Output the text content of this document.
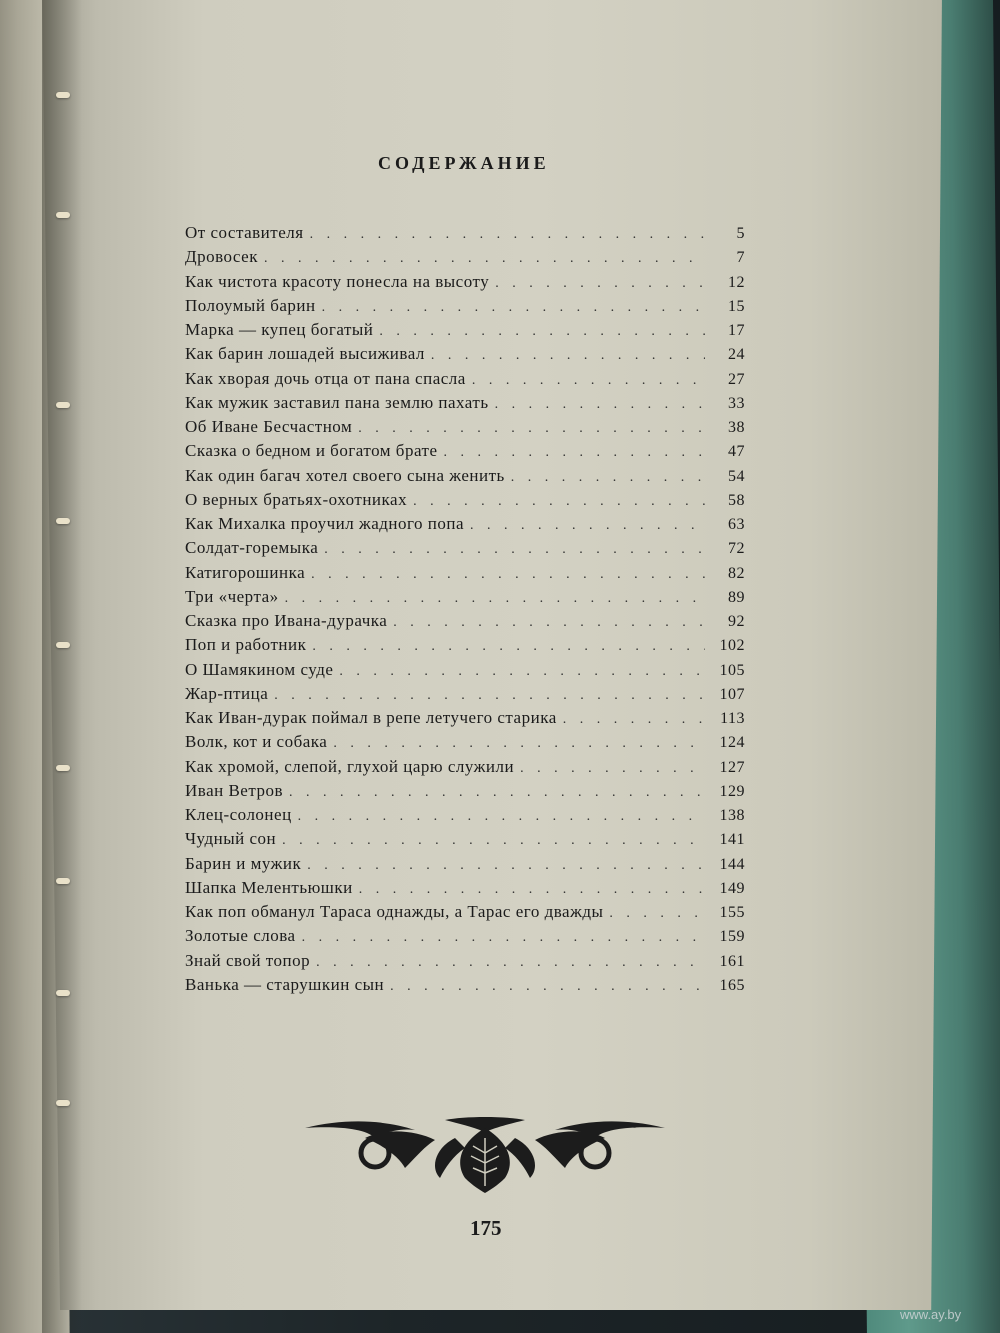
СОДЕРЖАНИЕ
От составителя . . .	5
Дровосек . . .	7
Как чистота красоту понесла на высоту . . .	12
Полоумый барин . . .	15
Марка — купец богатый . . .	17
Как барин лошадей высиживал . . .	24
Как хворая дочь отца от пана спасла . . .	27
Как мужик заставил пана землю пахать . . .	33
Об Иване Бесчастном . . .	38
Сказка о бедном и богатом брате . . .	47
Как один багач хотел своего сына женить . . .	54
О верных братьях-охотниках . . .	58
Как Михалка проучил жадного попа . . .	63
Солдат-горемыка . . .	72
Катигорошинка . . .	82
Три «черта» . . .	89
Сказка про Ивана-дурачка . . .	92
Поп и работник . . .	102
О Шамякином суде . . .	105
Жар-птица . . .	107
Как Иван-дурак поймал в репе летучего старика . . .	113
Волк, кот и собака . . .	124
Как хромой, слепой, глухой царю служили . . .	127
Иван Ветров . . .	129
Клец-солонец . . .	138
Чудный сон . . .	141
Барин и мужик . . .	144
Шапка Мелентьюшки . . .	149
Как поп обманул Тараса однажды, а Тарас его дважды . . .	155
Золотые слова . . .	159
Знай свой топор . . .	161
Ванька — старушкин сын . . .	165

175

www.ay.by
